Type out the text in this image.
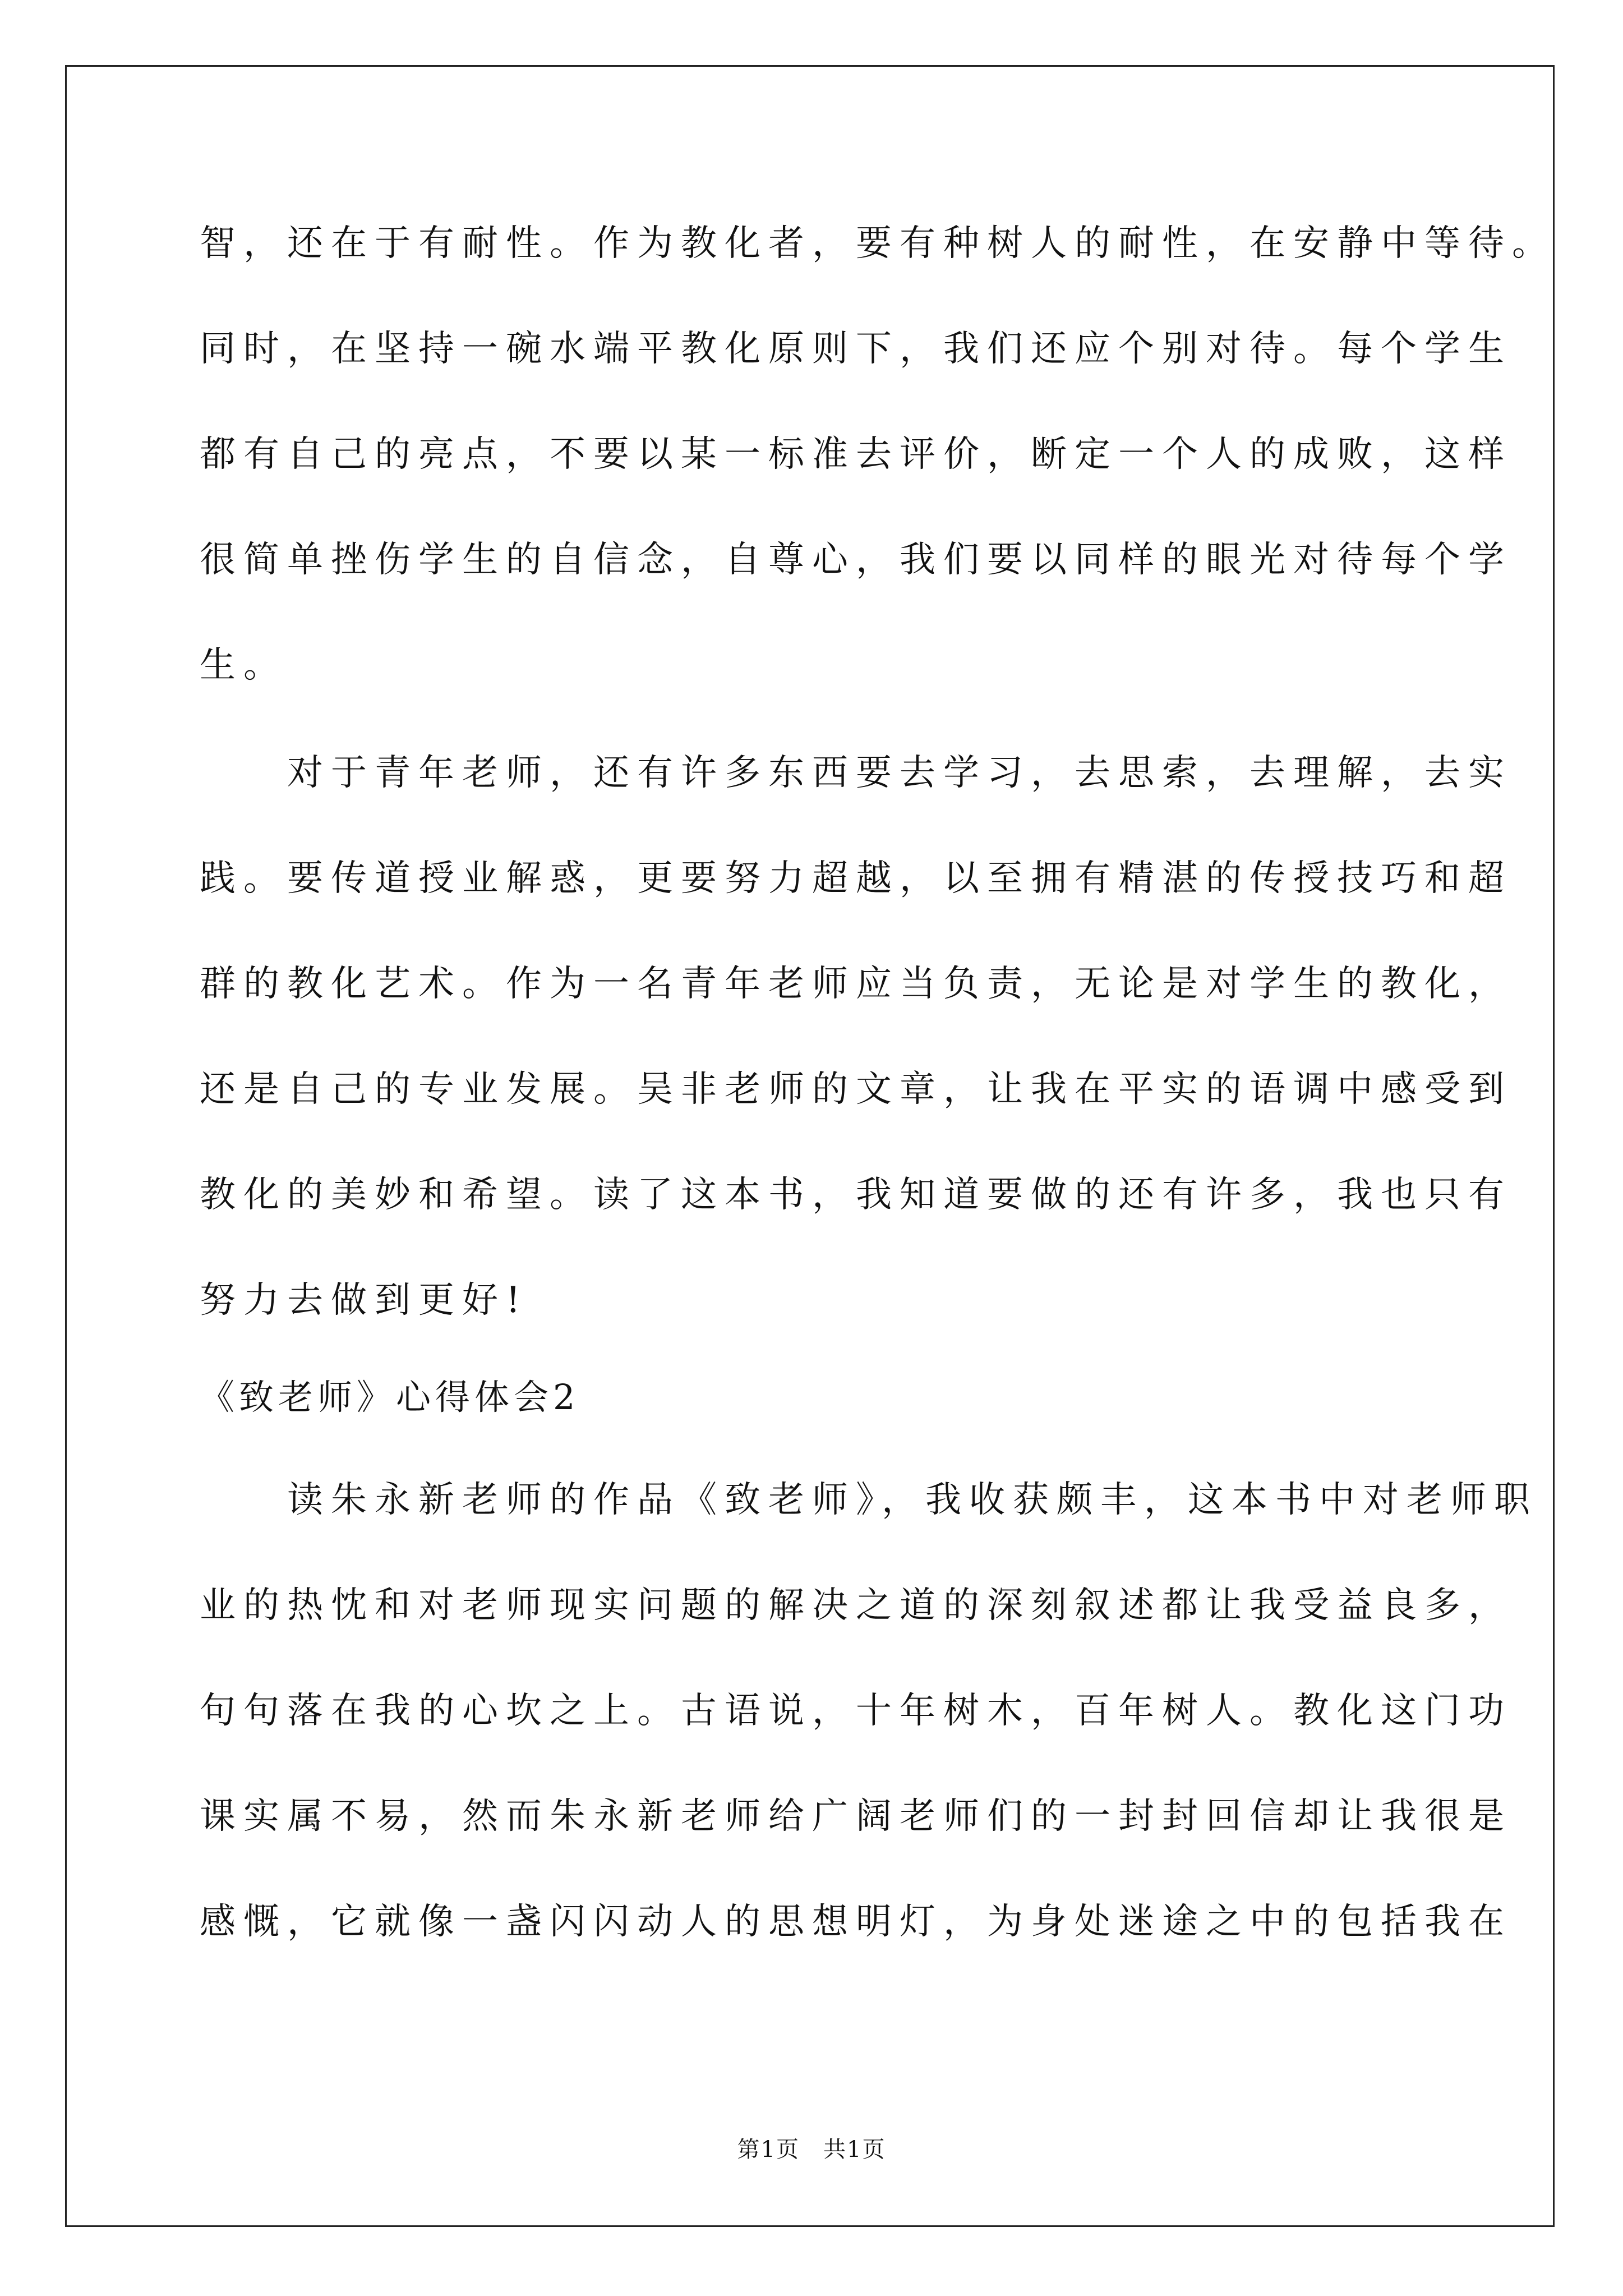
智，还在于有耐性。作为教化者，要有种树人的耐性，在安静中等待。
同时，在坚持一碗水端平教化原则下，我们还应个别对待。每个学生
都有自己的亮点，不要以某一标准去评价，断定一个人的成败，这样
很简单挫伤学生的自信念，自尊心，我们要以同样的眼光对待每个学
生。
　　对于青年老师，还有许多东西要去学习，去思索，去理解，去实
践。要传道授业解惑，更要努力超越，以至拥有精湛的传授技巧和超
群的教化艺术。作为一名青年老师应当负责，无论是对学生的教化，
还是自己的专业发展。吴非老师的文章，让我在平实的语调中感受到
教化的美妙和希望。读了这本书，我知道要做的还有许多，我也只有
努力去做到更好!
《致老师》心得体会2
　　读朱永新老师的作品《致老师》，我收获颇丰，这本书中对老师职
业的热忱和对老师现实问题的解决之道的深刻叙述都让我受益良多，
句句落在我的心坎之上。古语说，十年树木，百年树人。教化这门功
课实属不易，然而朱永新老师给广阔老师们的一封封回信却让我很是
感慨，它就像一盏闪闪动人的思想明灯，为身处迷途之中的包括我在
第1页　共1页
